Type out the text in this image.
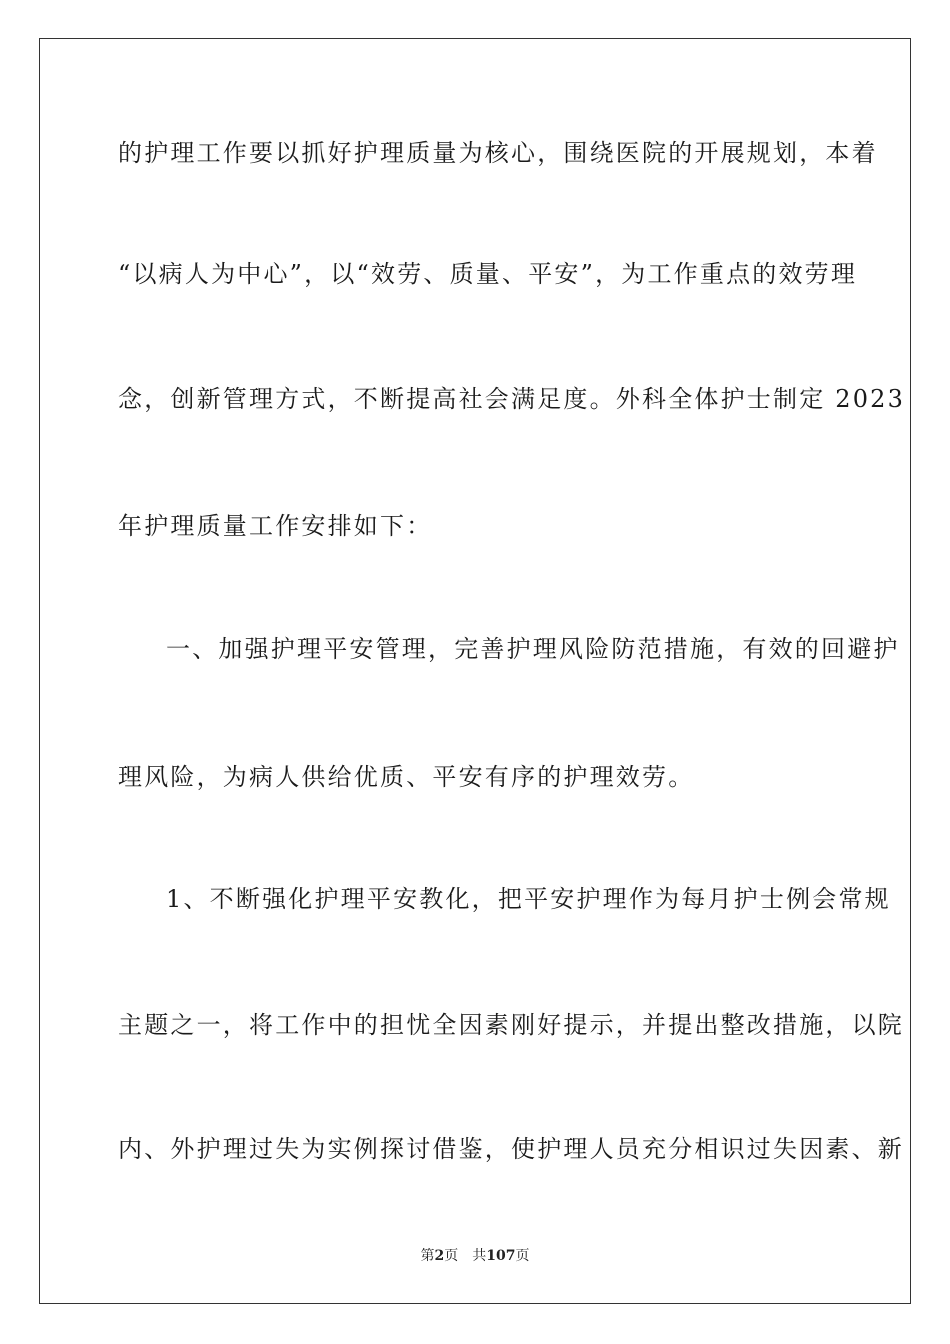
的护理工作要以抓好护理质量为核心，围绕医院的开展规划，本着
“以病人为中心”，以“效劳、质量、平安”，为工作重点的效劳理
念，创新管理方式，不断提高社会满足度。外科全体护士制定 2023
年护理质量工作安排如下：
一、加强护理平安管理，完善护理风险防范措施，有效的回避护
理风险，为病人供给优质、平安有序的护理效劳。
1、不断强化护理平安教化，把平安护理作为每月护士例会常规
主题之一，将工作中的担忧全因素刚好提示，并提出整改措施，以院
内、外护理过失为实例探讨借鉴，使护理人员充分相识过失因素、新
第2页 共107页
